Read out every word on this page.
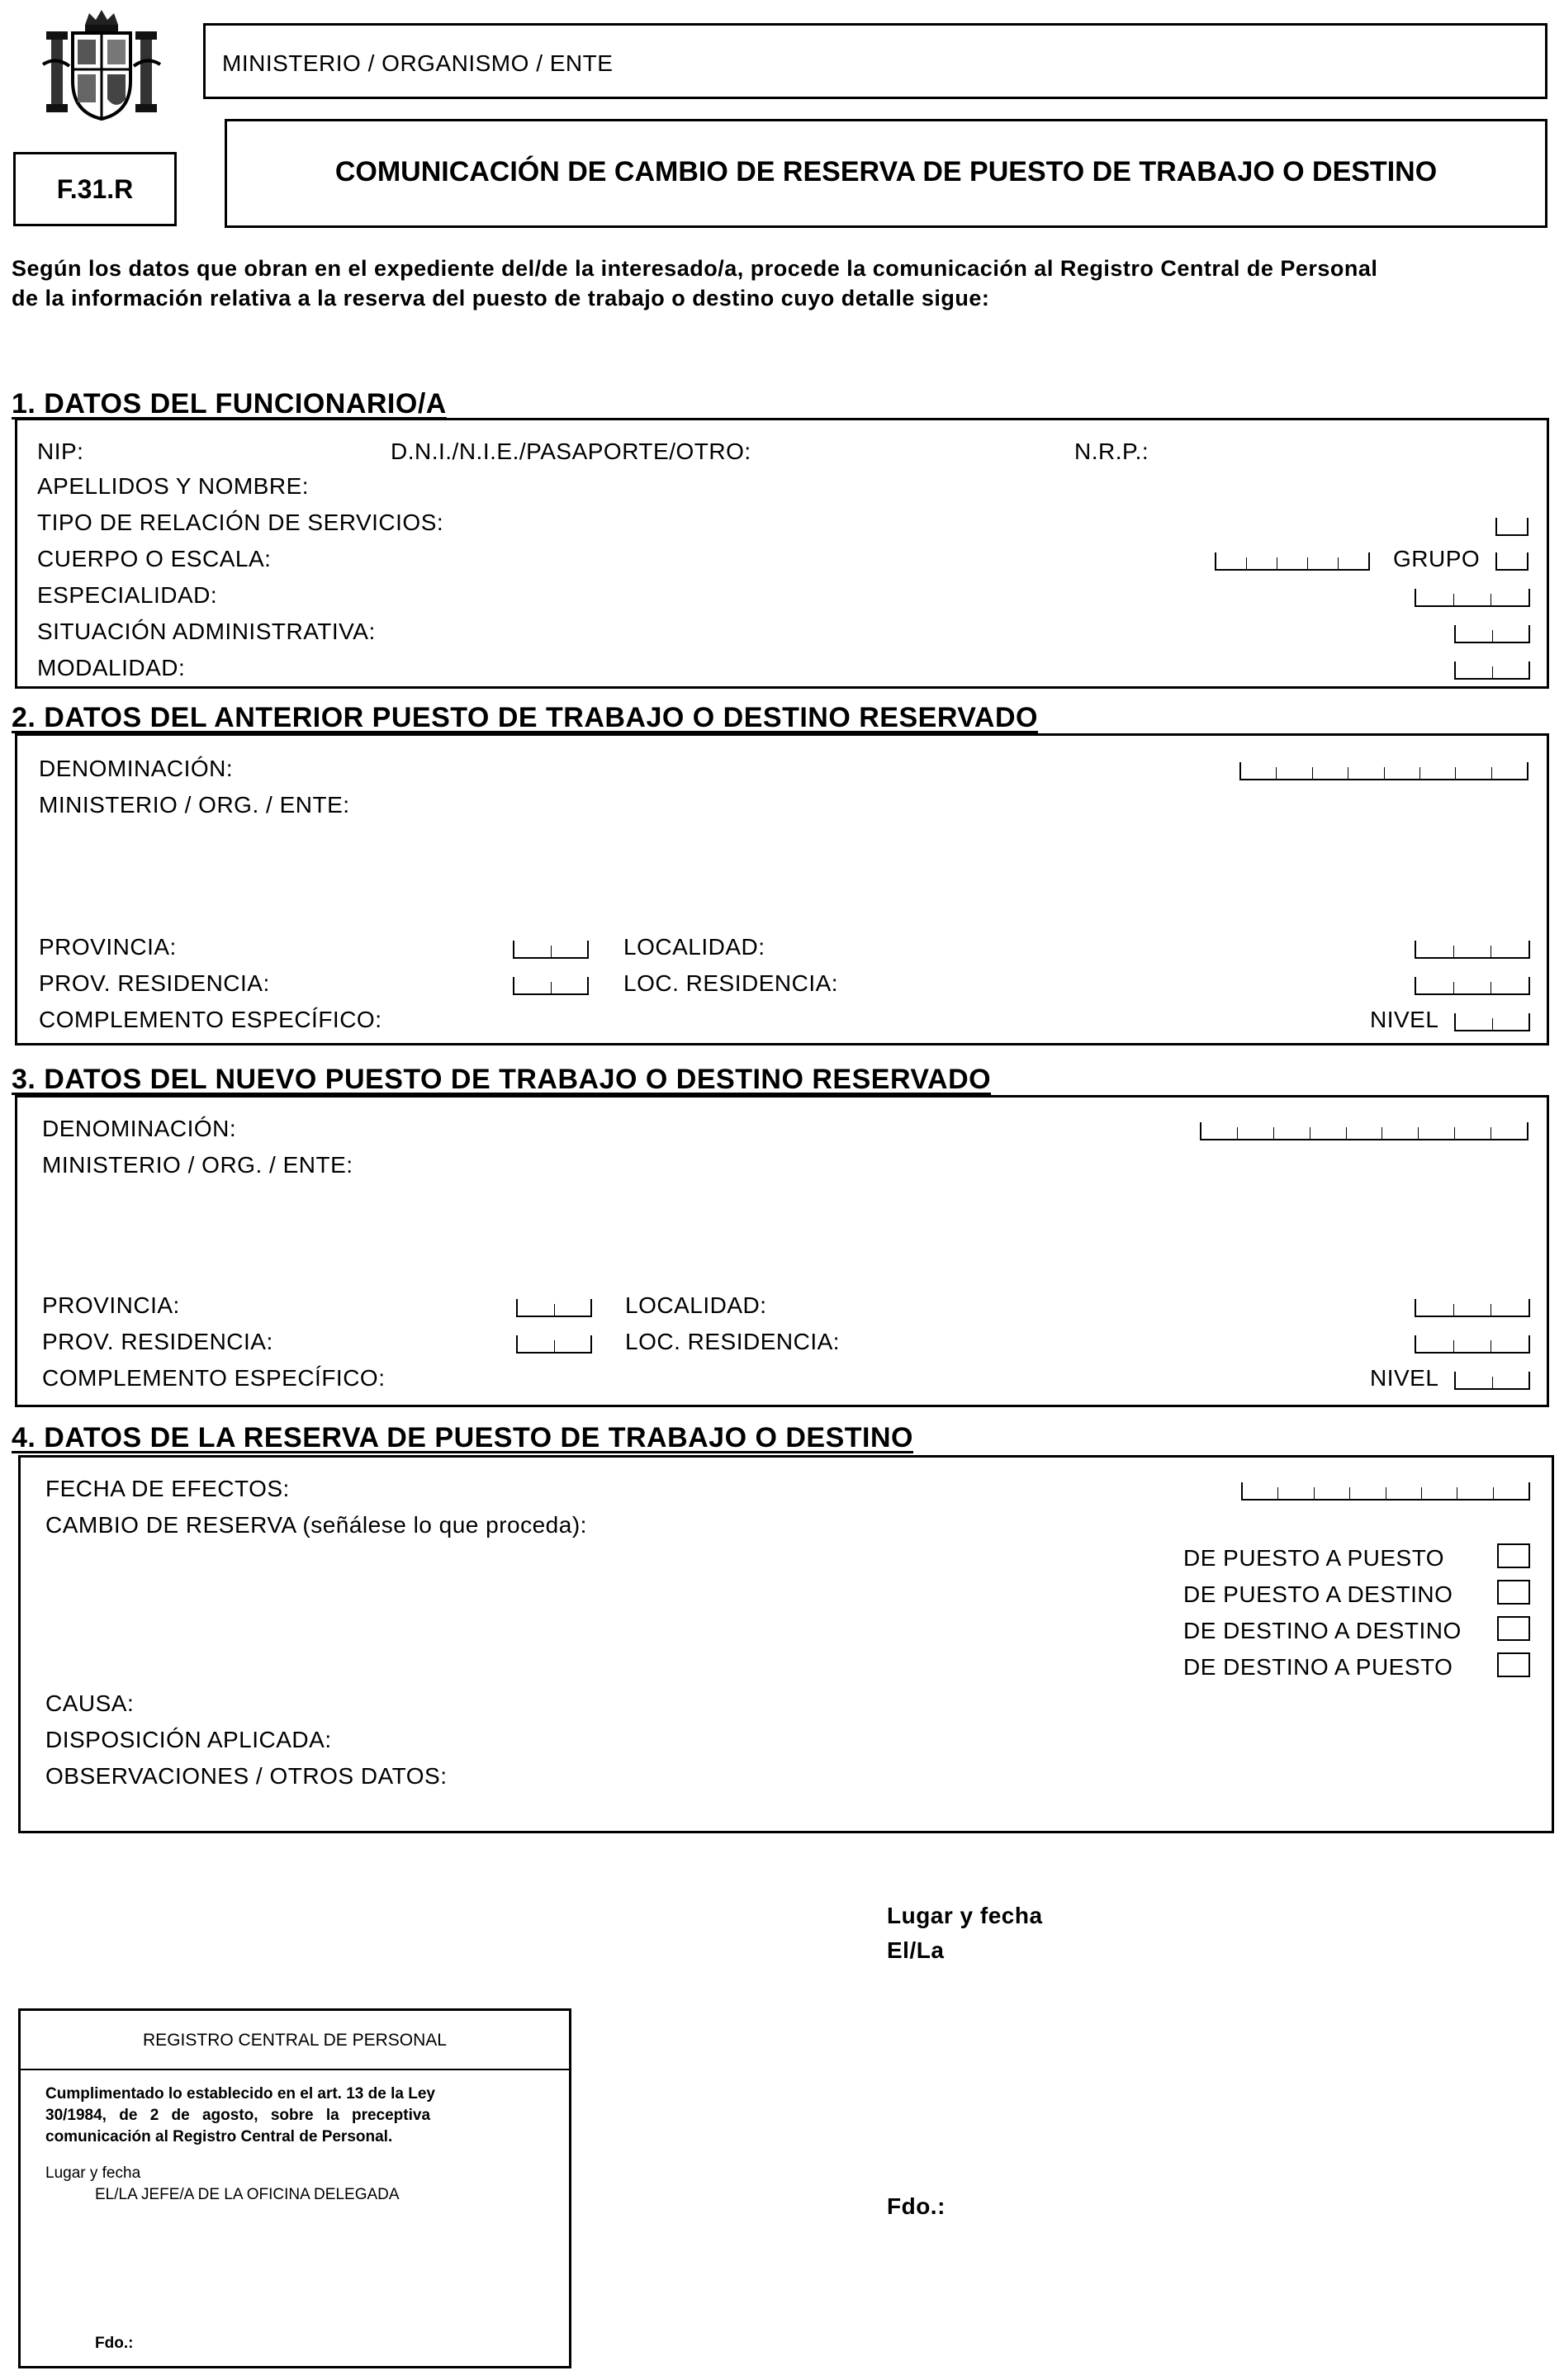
MINISTERIO / ORGANISMO / ENTE
F.31.R
COMUNICACIÓN DE CAMBIO DE RESERVA DE PUESTO DE TRABAJO O DESTINO
Según los datos que obran en el expediente del/de la interesado/a, procede la comunicación al Registro Central de Personal
de la información relativa a la reserva del puesto de trabajo o destino cuyo detalle sigue:
1. DATOS DEL FUNCIONARIO/A
NIP:	D.N.I./N.I.E./PASAPORTE/OTRO:	N.R.P.:
APELLIDOS Y NOMBRE:
TIPO DE RELACIÓN DE SERVICIOS:
CUERPO O ESCALA:	GRUPO
ESPECIALIDAD:
SITUACIÓN ADMINISTRATIVA:
MODALIDAD:
2. DATOS DEL ANTERIOR PUESTO DE TRABAJO O DESTINO RESERVADO
DENOMINACIÓN:
MINISTERIO / ORG. / ENTE:
PROVINCIA:	LOCALIDAD:
PROV. RESIDENCIA:	LOC. RESIDENCIA:
COMPLEMENTO ESPECÍFICO:	NIVEL
3. DATOS DEL NUEVO PUESTO DE TRABAJO O DESTINO RESERVADO
DENOMINACIÓN:
MINISTERIO / ORG. / ENTE:
PROVINCIA:	LOCALIDAD:
PROV. RESIDENCIA:	LOC. RESIDENCIA:
COMPLEMENTO ESPECÍFICO:	NIVEL
4. DATOS DE LA RESERVA DE PUESTO DE TRABAJO O DESTINO
FECHA DE EFECTOS:
CAMBIO DE RESERVA (señálese lo que proceda):
DE PUESTO A PUESTO
DE PUESTO A DESTINO
DE DESTINO A DESTINO
DE DESTINO A PUESTO
CAUSA:
DISPOSICIÓN APLICADA:
OBSERVACIONES / OTROS DATOS:
Lugar y fecha
El/La
Fdo.:
REGISTRO CENTRAL DE PERSONAL
Cumplimentado lo establecido en el art. 13 de la Ley
30/1984, de 2 de agosto, sobre la preceptiva
comunicación al Registro Central de Personal.
Lugar y fecha
EL/LA JEFE/A DE LA OFICINA DELEGADA
Fdo.:
